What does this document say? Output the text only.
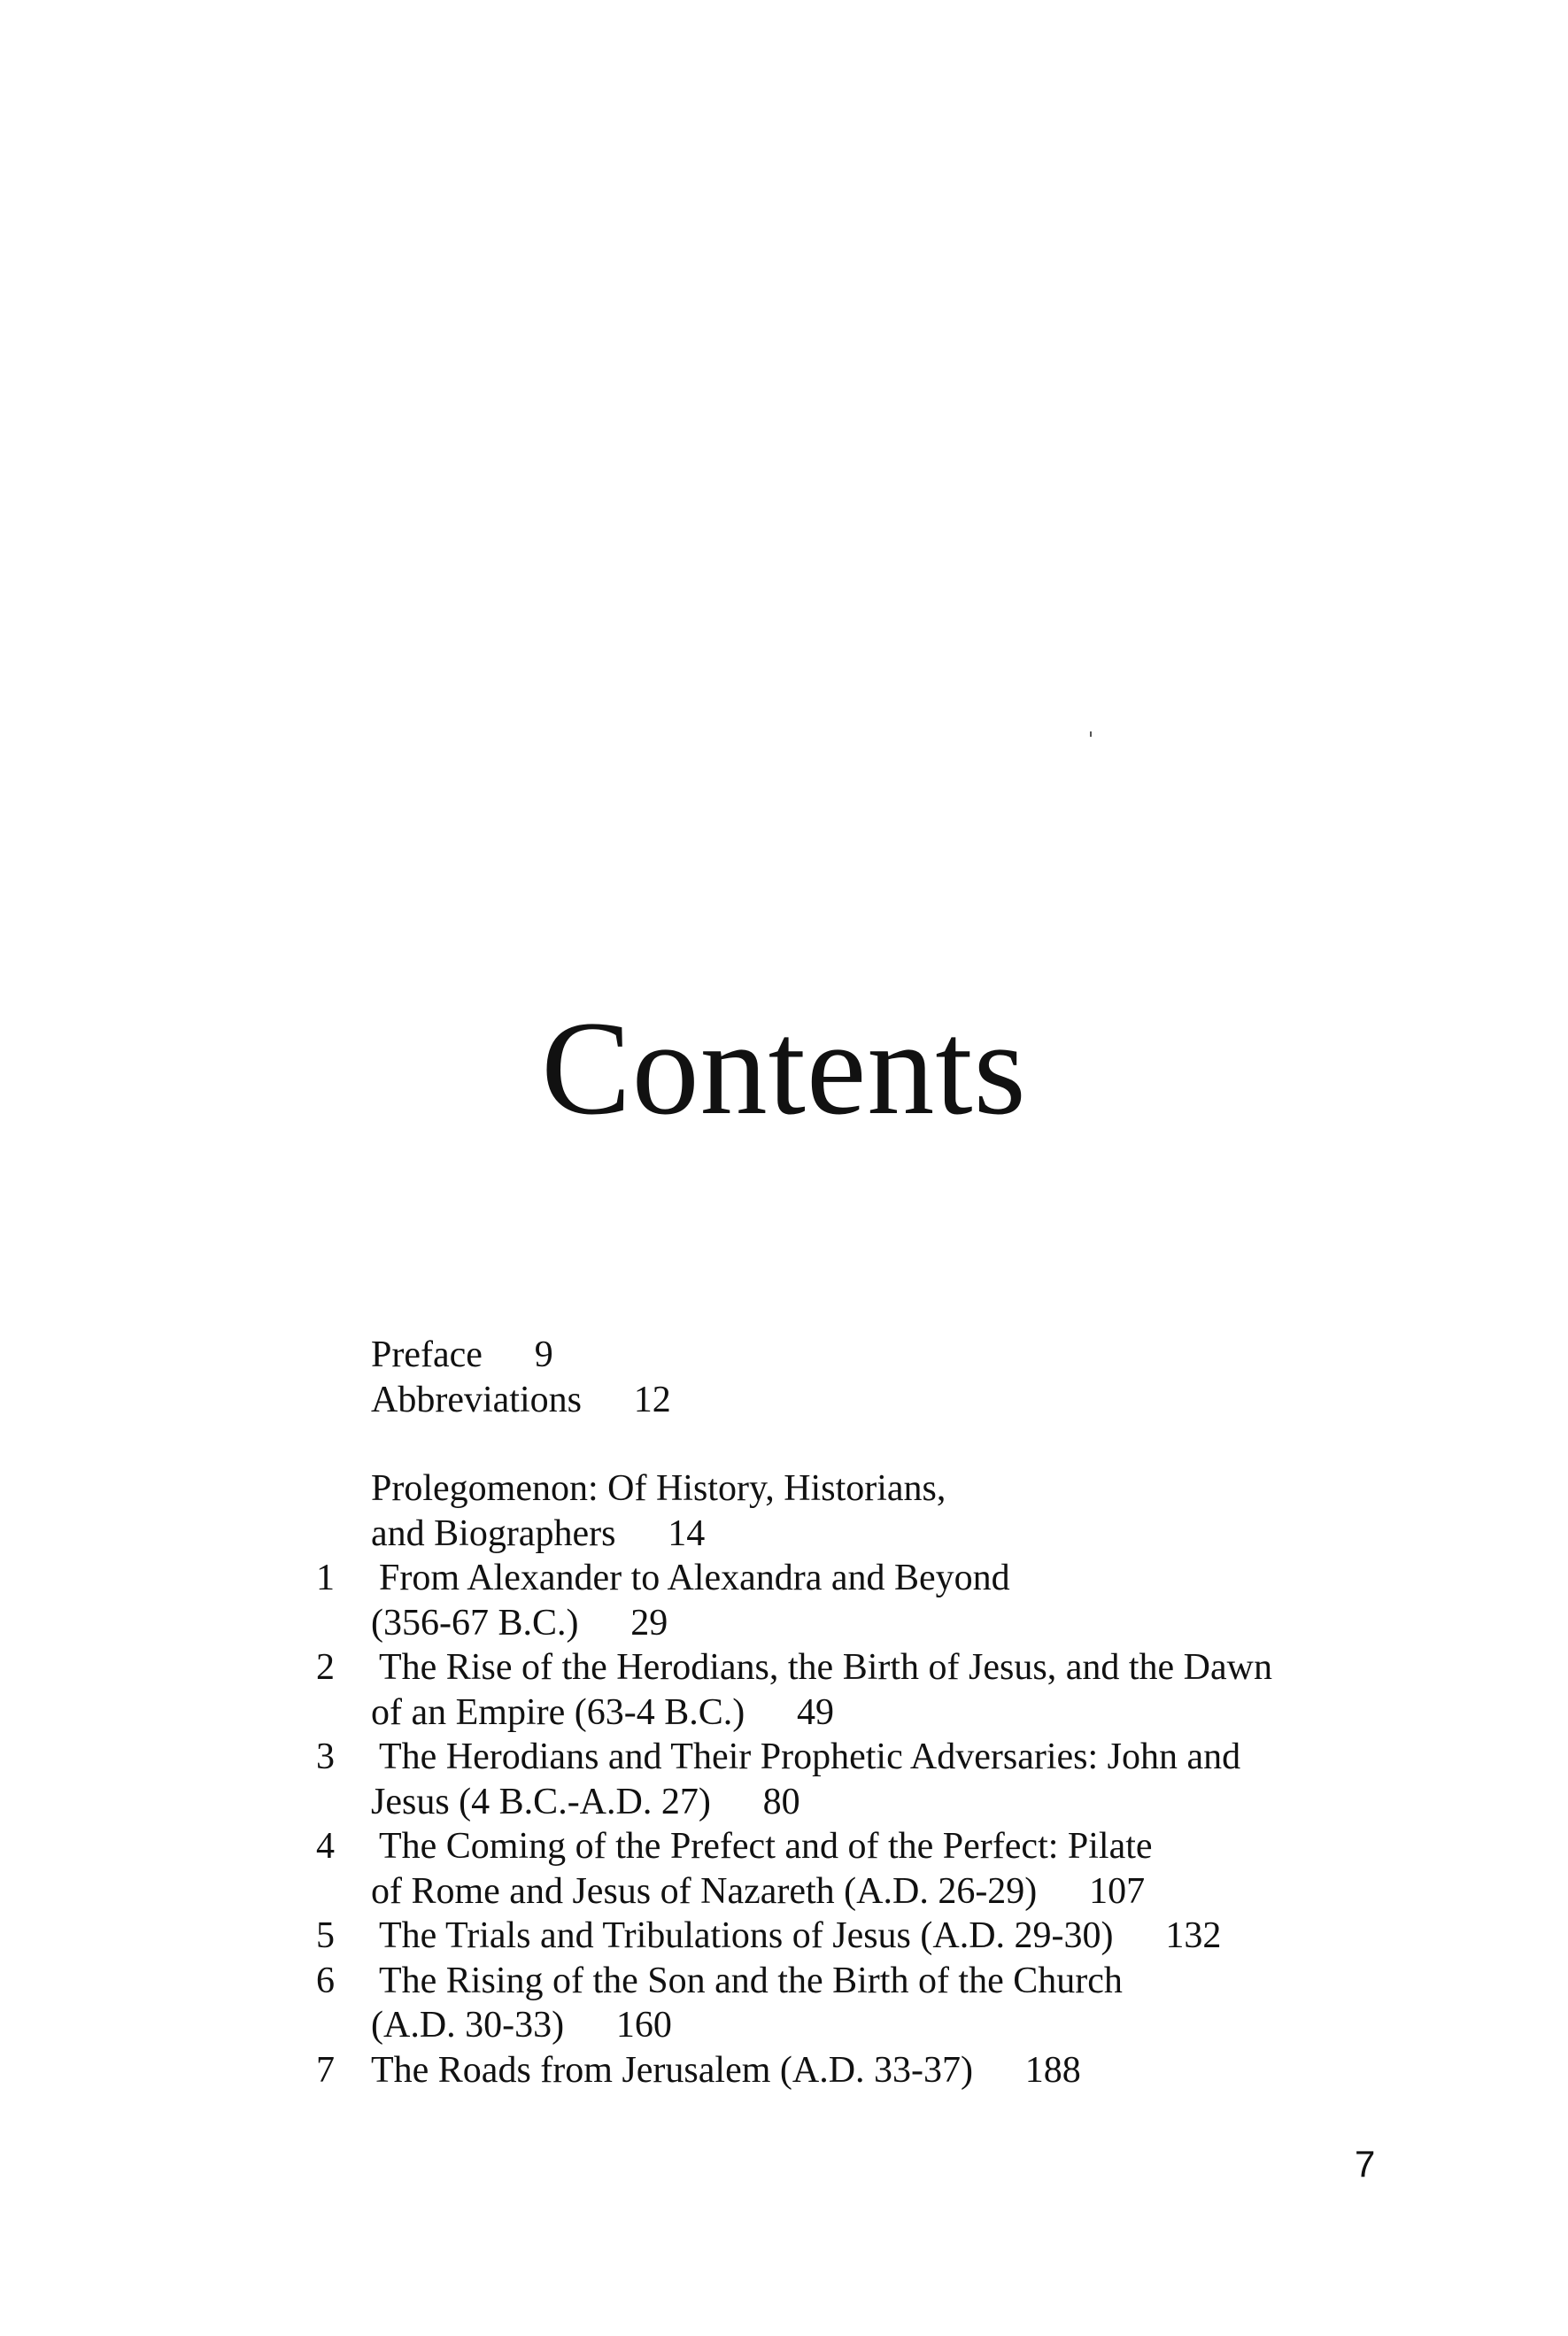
Contents
Preface 9
Abbreviations 12
Prolegomenon: Of History, Historians,
and Biographers 14
1	From Alexander to Alexandra and Beyond
(356-67 B.C.) 29
2	The Rise of the Herodians, the Birth of Jesus, and the Dawn
of an Empire (63-4 B.C.) 49
3	The Herodians and Their Prophetic Adversaries: John and
Jesus (4 B.C.-A.D. 27) 80
4	The Coming of the Prefect and of the Perfect: Pilate
of Rome and Jesus of Nazareth (A.D. 26-29) 107
5	The Trials and Tribulations of Jesus (A.D. 29-30) 132
6	The Rising of the Son and the Birth of the Church
(A.D. 30-33) 160
7 The Roads from Jerusalem (A.D. 33-37) 188
7
